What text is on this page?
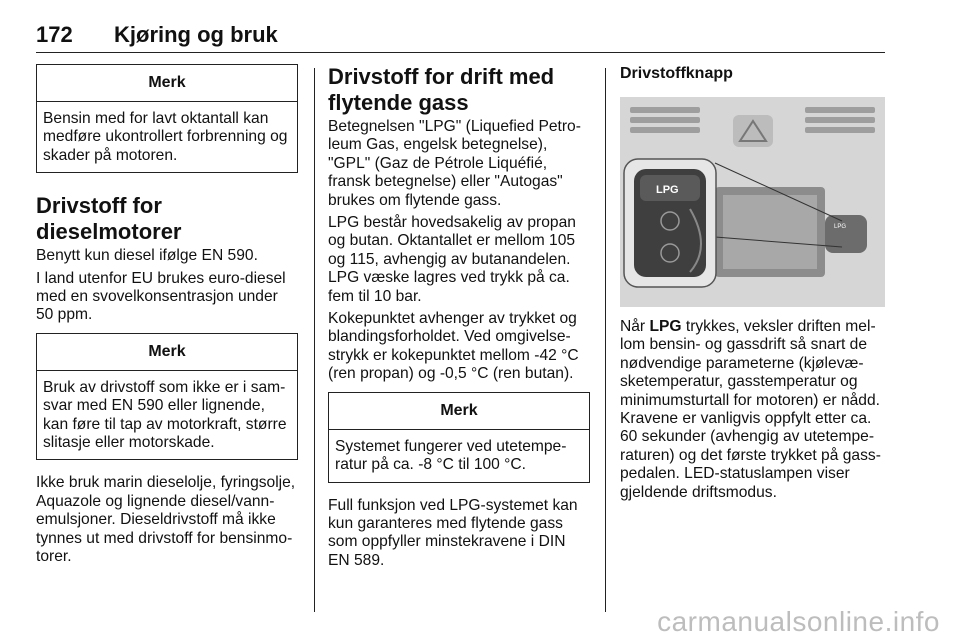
172 Kjøring og bruk
Merk
Bensin med for lavt oktantall kan medføre ukontrollert forbrenning og skader på motoren.
Drivstoff for dieselmotorer

Benytt kun diesel ifølge EN 590.

I land utenfor EU brukes euro-diesel med en svovelkonsentrasjon under 50 ppm.

Merk
Bruk av drivstoff som ikke er i samsvar med EN 590 eller lignende, kan føre til tap av motorkraft, større slitasje eller motorskade.

Ikke bruk marin dieselolje, fyringsolje, Aquazole og lignende diesel/vannemulsjoner. Dieseldrivstoff må ikke tynnes ut med drivstoff for bensinmotorer.

Drivstoff for drift med flytende gass

Betegnelsen "LPG" (Liquefied Petroleum Gas, engelsk betegnelse), "GPL" (Gaz de Pétrole Liquéfié, fransk betegnelse) eller "Autogas" brukes om flytende gass.

LPG består hovedsakelig av propan og butan. Oktantallet er mellom 105 og 115, avhengig av butanandelen. LPG væske lagres ved trykk på ca. fem til 10 bar.

Kokepunktet avhenger av trykket og blandingsforholdet. Ved omgivelsestrykk er kokepunktet mellom -42 °C (ren propan) og -0,5 °C (ren butan).

Merk
Systemet fungerer ved utetemperatur på ca. -8 °C til 100 °C.

Full funksjon ved LPG-systemet kan kun garanteres med flytende gass som oppfyller minstekravene i DIN EN 589.

Drivstoffknapp
LPG
LPG

Når LPG trykkes, veksler driften mellom bensin- og gassdrift så snart de nødvendige parameterne (kjølevæsketemperatur, gasstemperatur og minimumsturtall for motoren) er nådd. Kravene er vanligvis oppfylt etter ca. 60 sekunder (avhengig av utetemperaturen) og det første trykket på gasspedalen. LED-statuslampen viser gjeldende driftsmodus.

carmanualsonline.info
